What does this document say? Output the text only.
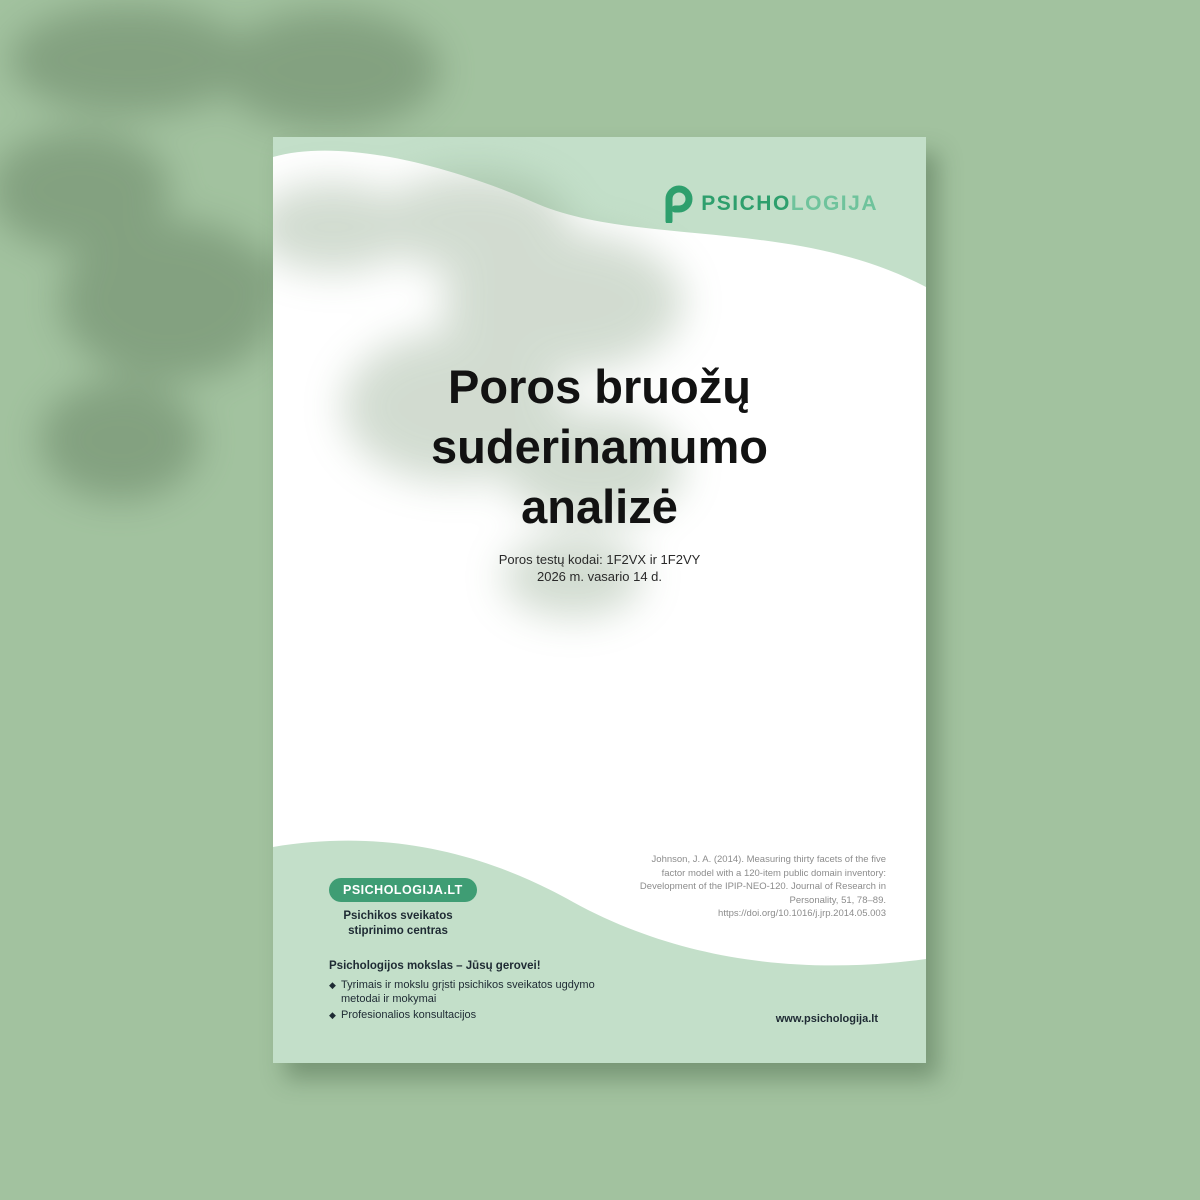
PSICHO LOGIJA
Poros bruožų
suderinamumo
analizė
Poros testų kodai: 1F2VX ir 1F2VY
2026 m. vasario 14 d.
Johnson, J. A. (2014). Measuring thirty facets of the five factor model with a 120-item public domain inventory: Development of the IPIP-NEO-120. Journal of Research in Personality, 51, 78–89. https://doi.org/10.1016/j.jrp.2014.05.003
PSICHOLOGIJA.LT
Psichikos sveikatos
stiprinimo centras
Psichologijos mokslas – Jūsų gerovei!
◆ Tyrimais ir mokslu grįsti psichikos sveikatos ugdymo metodai ir mokymai
◆ Profesionalios konsultacijos	www.psichologija.lt
